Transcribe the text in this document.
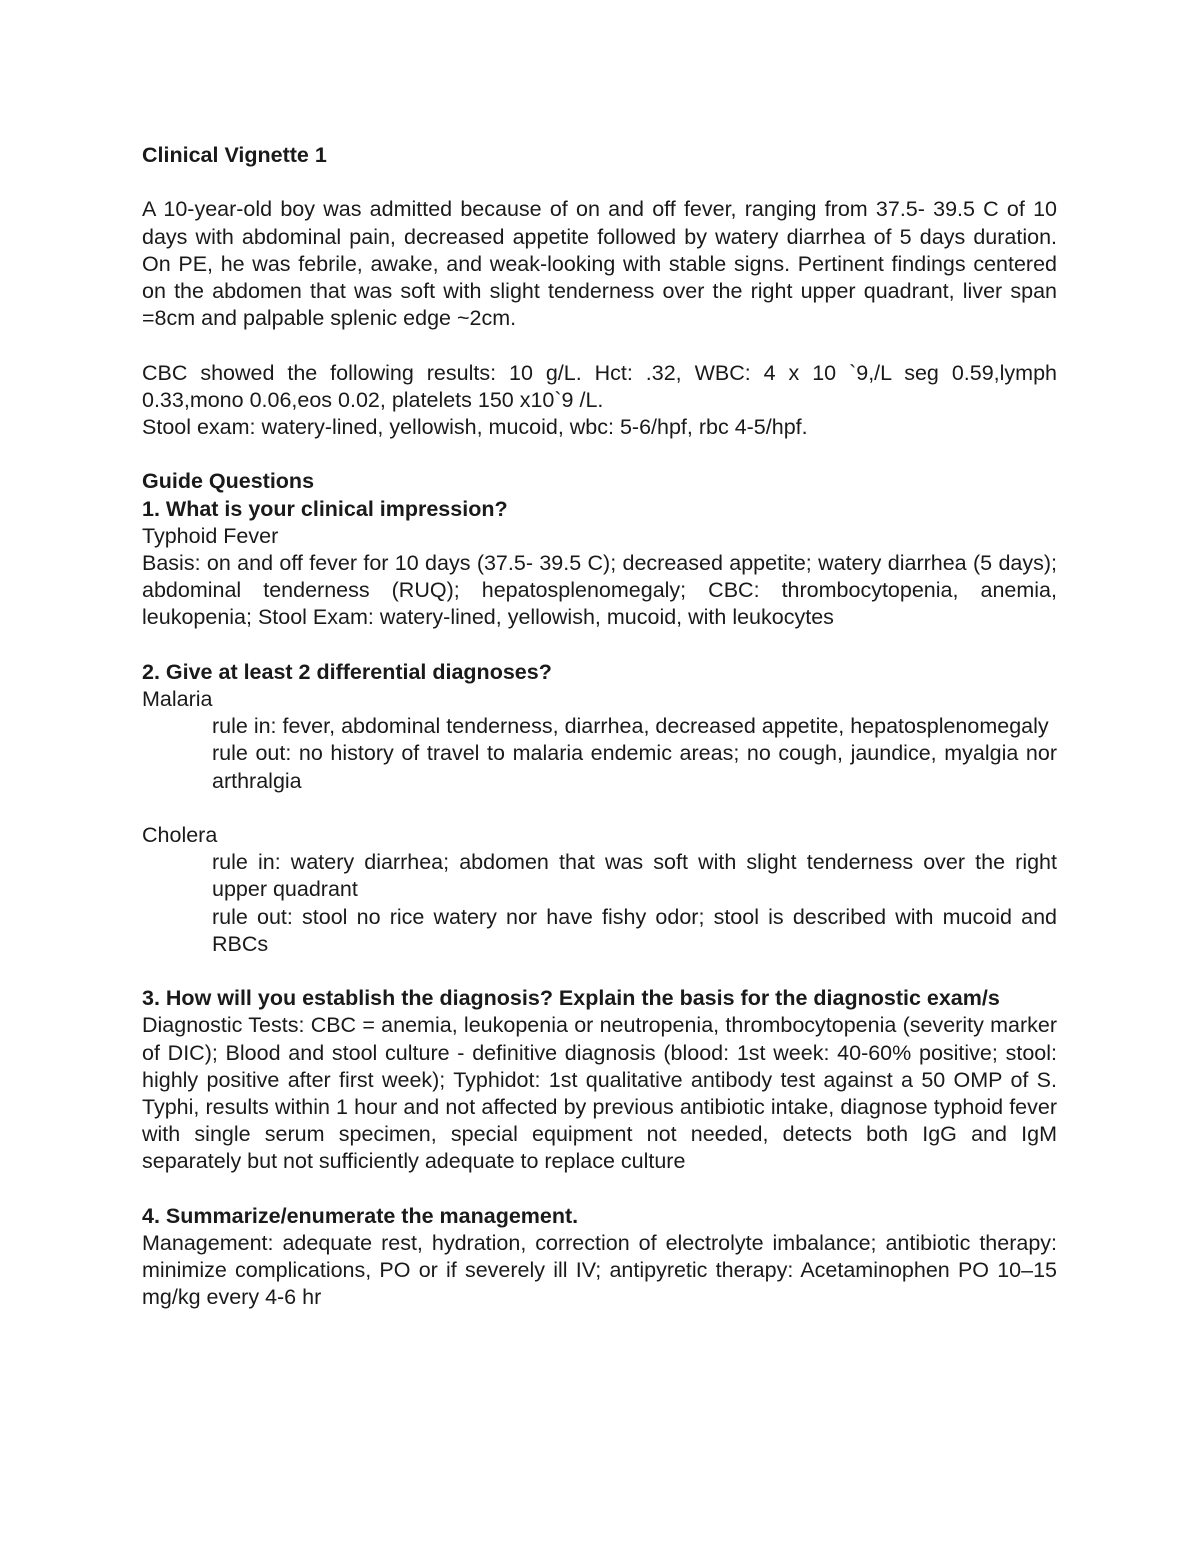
Clinical Vignette 1

A 10-year-old boy was admitted because of on and off fever, ranging from 37.5- 39.5 C of 10 days with abdominal pain, decreased appetite followed by watery diarrhea of 5 days duration. On PE, he was febrile, awake, and weak-looking with stable signs. Pertinent findings centered on the abdomen that was soft with slight tenderness over the right upper quadrant, liver span =8cm and palpable splenic edge ~2cm.

CBC showed the following results: 10 g/L. Hct: .32, WBC: 4 x 10 `9,/L seg 0.59,lymph 0.33,mono 0.06,eos 0.02, platelets 150 x10`9 /L.

Stool exam: watery-lined, yellowish, mucoid, wbc: 5-6/hpf, rbc 4-5/hpf.

Guide Questions

1. What is your clinical impression?

Typhoid Fever

Basis: on and off fever for 10 days (37.5- 39.5 C); decreased appetite; watery diarrhea (5 days); abdominal tenderness (RUQ); hepatosplenomegaly; CBC: thrombocytopenia, anemia, leukopenia; Stool Exam: watery-lined, yellowish, mucoid, with leukocytes

2. Give at least 2 differential diagnoses?

Malaria

rule in: fever, abdominal tenderness, diarrhea, decreased appetite, hepatosplenomegaly

rule out: no history of travel to malaria endemic areas; no cough, jaundice, myalgia nor arthralgia

Cholera

rule in: watery diarrhea; abdomen that was soft with slight tenderness over the right upper quadrant

rule out: stool no rice watery nor have fishy odor; stool is described with mucoid and RBCs

3. How will you establish the diagnosis? Explain the basis for the diagnostic exam/s

Diagnostic Tests: CBC = anemia, leukopenia or neutropenia, thrombocytopenia (severity marker of DIC); Blood and stool culture - definitive diagnosis (blood: 1st week: 40-60% positive; stool: highly positive after first week); Typhidot: 1st qualitative antibody test against a 50 OMP of S. Typhi, results within 1 hour and not affected by previous antibiotic intake, diagnose typhoid fever with single serum specimen, special equipment not needed, detects both IgG and IgM separately but not sufficiently adequate to replace culture

4. Summarize/enumerate the management.

Management: adequate rest, hydration, correction of electrolyte imbalance; antibiotic therapy: minimize complications, PO or if severely ill IV; antipyretic therapy: Acetaminophen PO 10–15 mg/kg every 4-6 hr
